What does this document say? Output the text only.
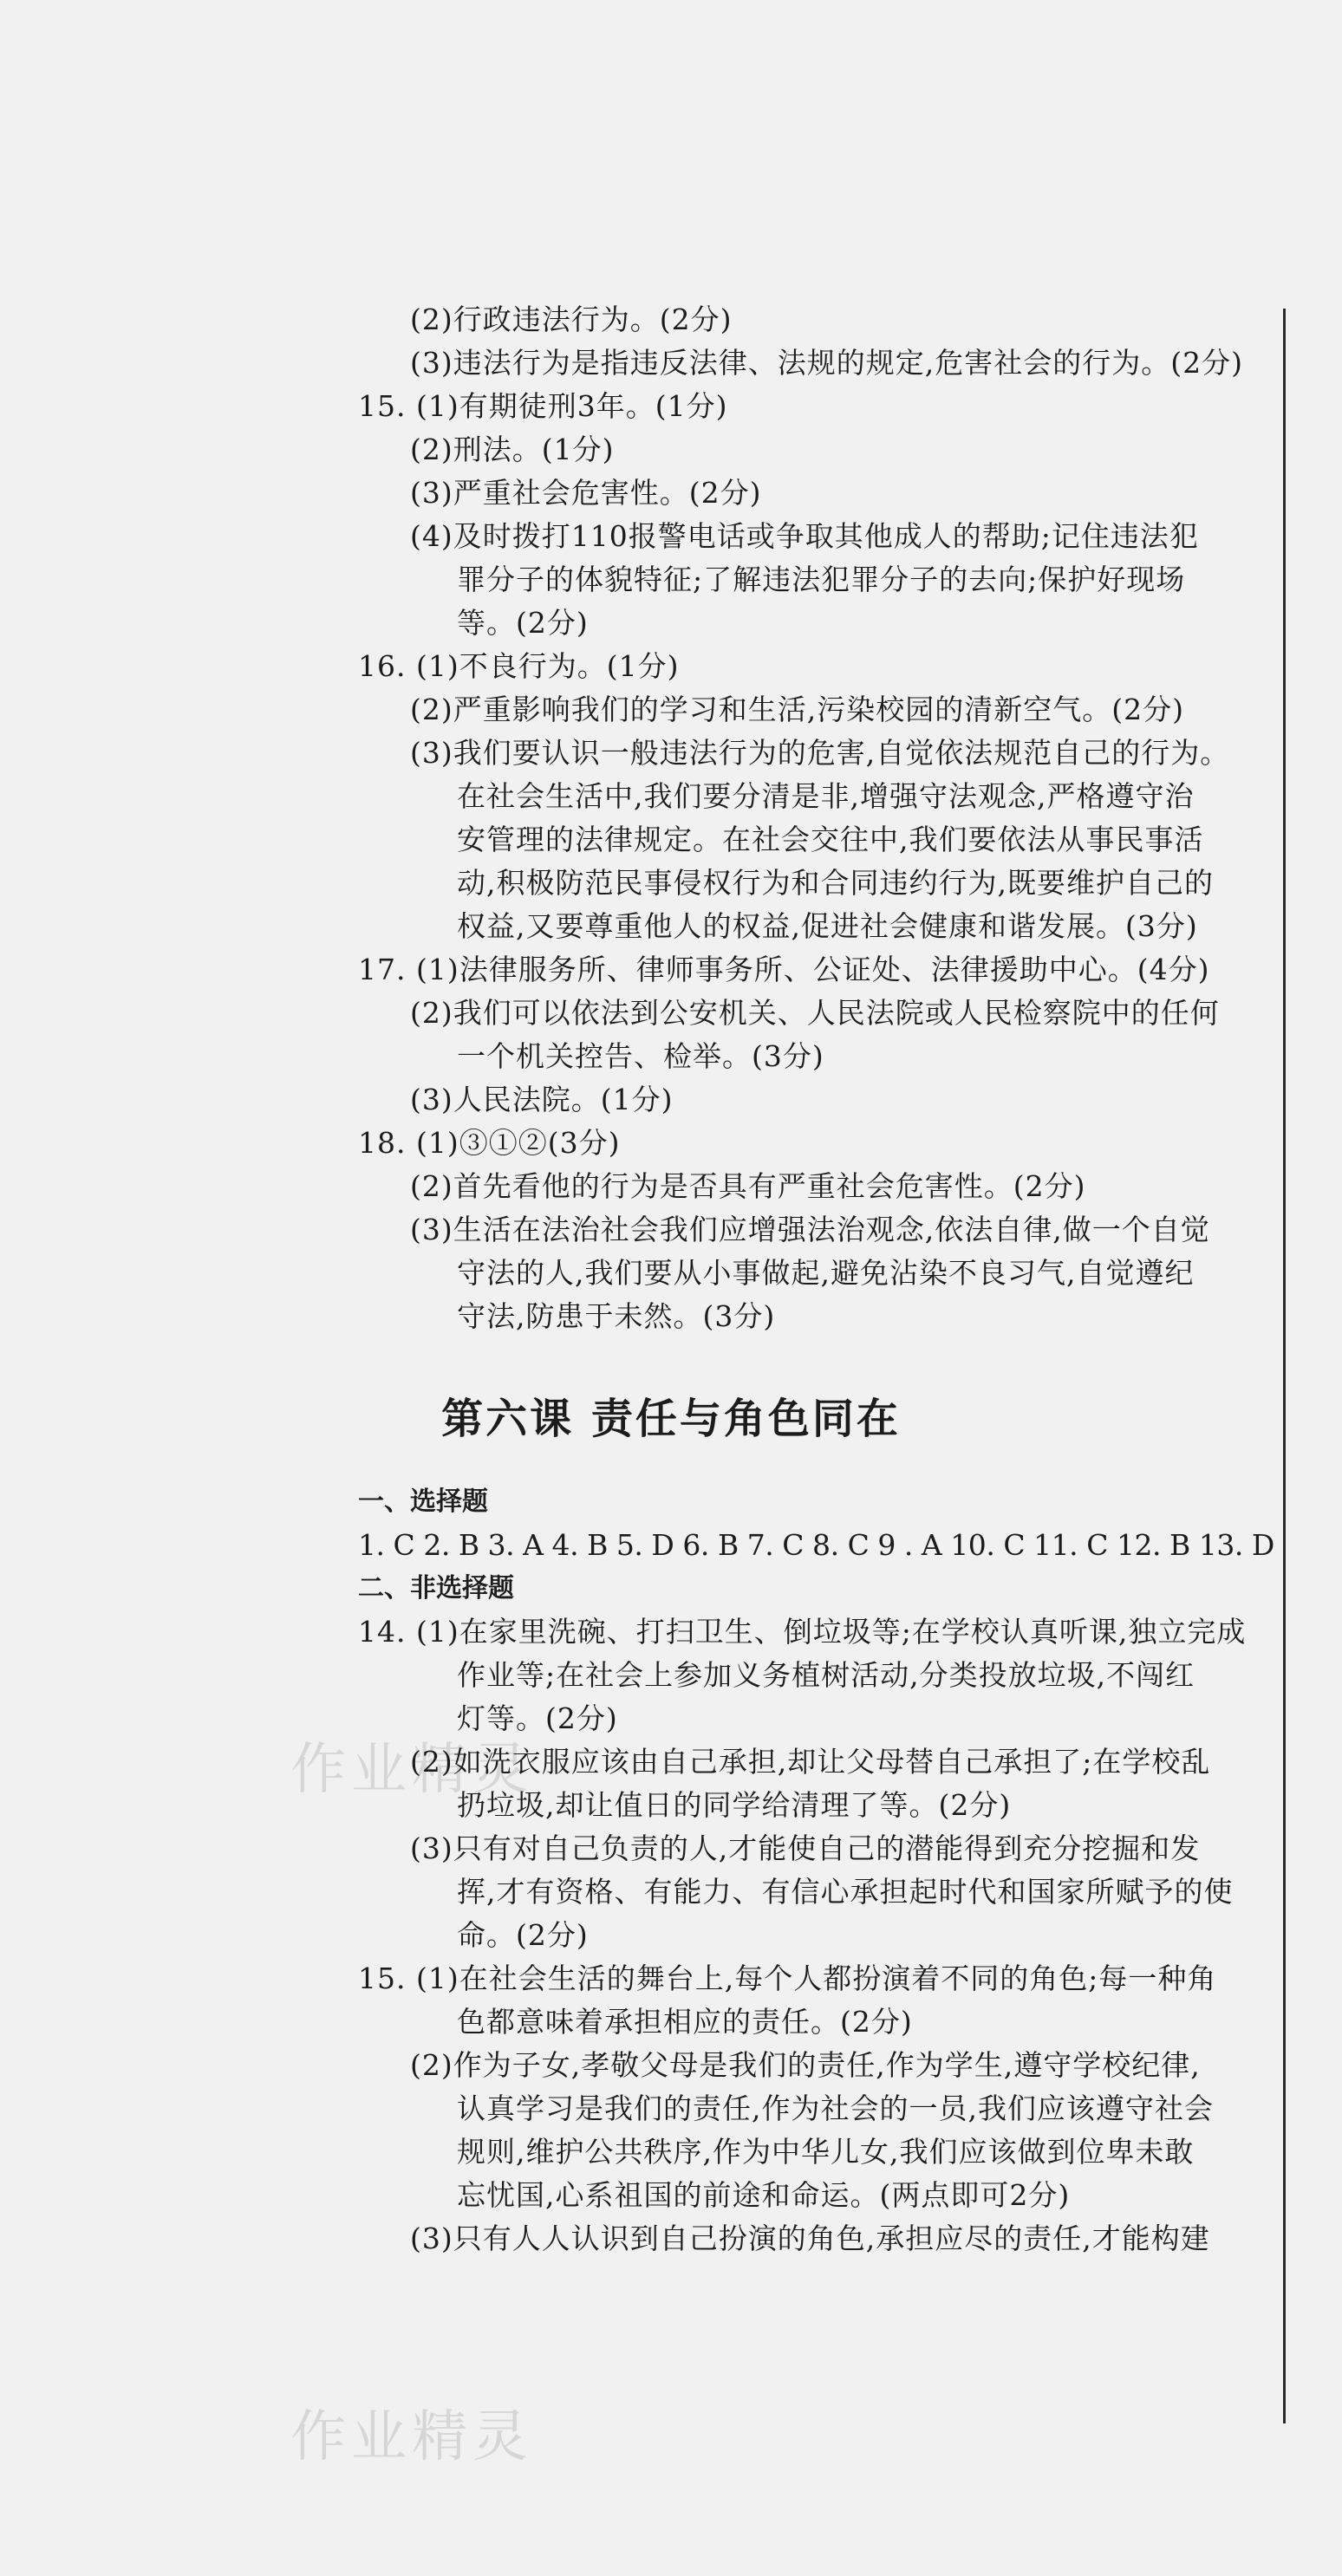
作业精灵
作业精灵
(2)行政违法行为。(2分)
(3)违法行为是指违反法律、法规的规定,危害社会的行为。(2分)
15. (1)有期徒刑3年。(1分)
(2)刑法。(1分)
(3)严重社会危害性。(2分)
(4)及时拨打110报警电话或争取其他成人的帮助;记住违法犯
罪分子的体貌特征;了解违法犯罪分子的去向;保护好现场
等。(2分)
16. (1)不良行为。(1分)
(2)严重影响我们的学习和生活,污染校园的清新空气。(2分)
(3)我们要认识一般违法行为的危害,自觉依法规范自己的行为。
在社会生活中,我们要分清是非,增强守法观念,严格遵守治
安管理的法律规定。在社会交往中,我们要依法从事民事活
动,积极防范民事侵权行为和合同违约行为,既要维护自己的
权益,又要尊重他人的权益,促进社会健康和谐发展。(3分)
17. (1)法律服务所、律师事务所、公证处、法律援助中心。(4分)
(2)我们可以依法到公安机关、人民法院或人民检察院中的任何
一个机关控告、检举。(3分)
(3)人民法院。(1分)
18. (1)③①②(3分)
(2)首先看他的行为是否具有严重社会危害性。(2分)
(3)生活在法治社会我们应增强法治观念,依法自律,做一个自觉
守法的人,我们要从小事做起,避免沾染不良习气,自觉遵纪
守法,防患于未然。(3分)
第六课 责任与角色同在
一、选择题
1. C 2. B 3. A 4. B 5. D 6. B 7. C 8. C 9 . A 10. C 11. C 12. B 13. D
二、非选择题
14. (1)在家里洗碗、打扫卫生、倒垃圾等;在学校认真听课,独立完成
作业等;在社会上参加义务植树活动,分类投放垃圾,不闯红
灯等。(2分)
(2)如洗衣服应该由自己承担,却让父母替自己承担了;在学校乱
扔垃圾,却让值日的同学给清理了等。(2分)
(3)只有对自己负责的人,才能使自己的潜能得到充分挖掘和发
挥,才有资格、有能力、有信心承担起时代和国家所赋予的使
命。(2分)
15. (1)在社会生活的舞台上,每个人都扮演着不同的角色;每一种角
色都意味着承担相应的责任。(2分)
(2)作为子女,孝敬父母是我们的责任,作为学生,遵守学校纪律,
认真学习是我们的责任,作为社会的一员,我们应该遵守社会
规则,维护公共秩序,作为中华儿女,我们应该做到位卑未敢
忘忧国,心系祖国的前途和命运。(两点即可2分)
(3)只有人人认识到自己扮演的角色,承担应尽的责任,才能构建
